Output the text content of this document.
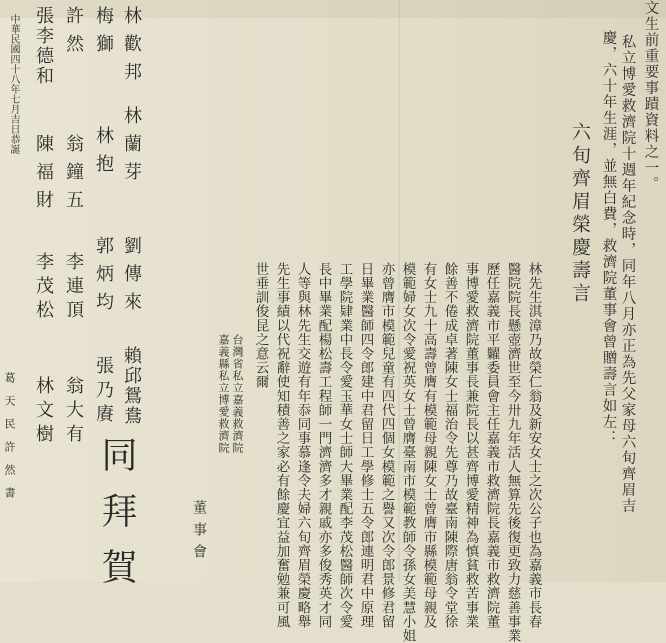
私立博愛救濟院十週年紀念時，同年八月亦正為先父家母六旬齊眉吉
慶，六十年生涯，並無白費，救濟院董事會曾贈壽言如左： 文生前重要事蹟資料之一。
六旬齊眉榮慶壽言
林先生淇漳乃故榮仁翁及新安女士之次公子也為嘉義市長春
醫院院長懸壺濟世至今卅九年活人無算先後復更致力慈善事業
歷任嘉義市平糶委員會主任嘉義市救濟院長嘉義市救濟院董
事博愛救濟院董事長兼院長以甚齊博愛精神為慎貧救苦事業
餘善不倦成卓著陳女士福治令先尊乃故臺南陳際唐翁令堂徐
有女士九十高壽曾膺有模範母親陳女士曾膺市縣模範母親及
模範婦女次令愛祝英女士曾膺臺南市模範教師令孫女美慧小姐
亦曾膺市模範兒童有四代四個女模範之譽又次令郎景修君留
日畢業醫師四令郎建中君留日工學修士五令郎連明君中原理
工學院肄業中長令愛玉華女士師大畢業配李茂松醫師次令愛
長中畢業配楊松壽工程師一門濟濟多才親戚亦多俊秀英才同
人等與林先生交遊有年忝同事慕逢令夫婦六旬齊眉榮慶略舉
先生事績以代祝辭使知積善之家必有餘慶宜益加奮勉兼可風
世垂訓俊昆之意云爾
台灣省私立嘉義救濟院
嘉義縣私立博愛救濟院
董事會
林歡邦
林蘭芽
劉傳來
賴邱鴛鴦
梅獅
林抱
郭炳均
張乃賡
許然
翁鐘五
李連頂
翁大有
張李德和
陳福財
李茂松
林文樹 同拜賀
中華民國四十八年七月吉日恭誕
葛天民許然書
